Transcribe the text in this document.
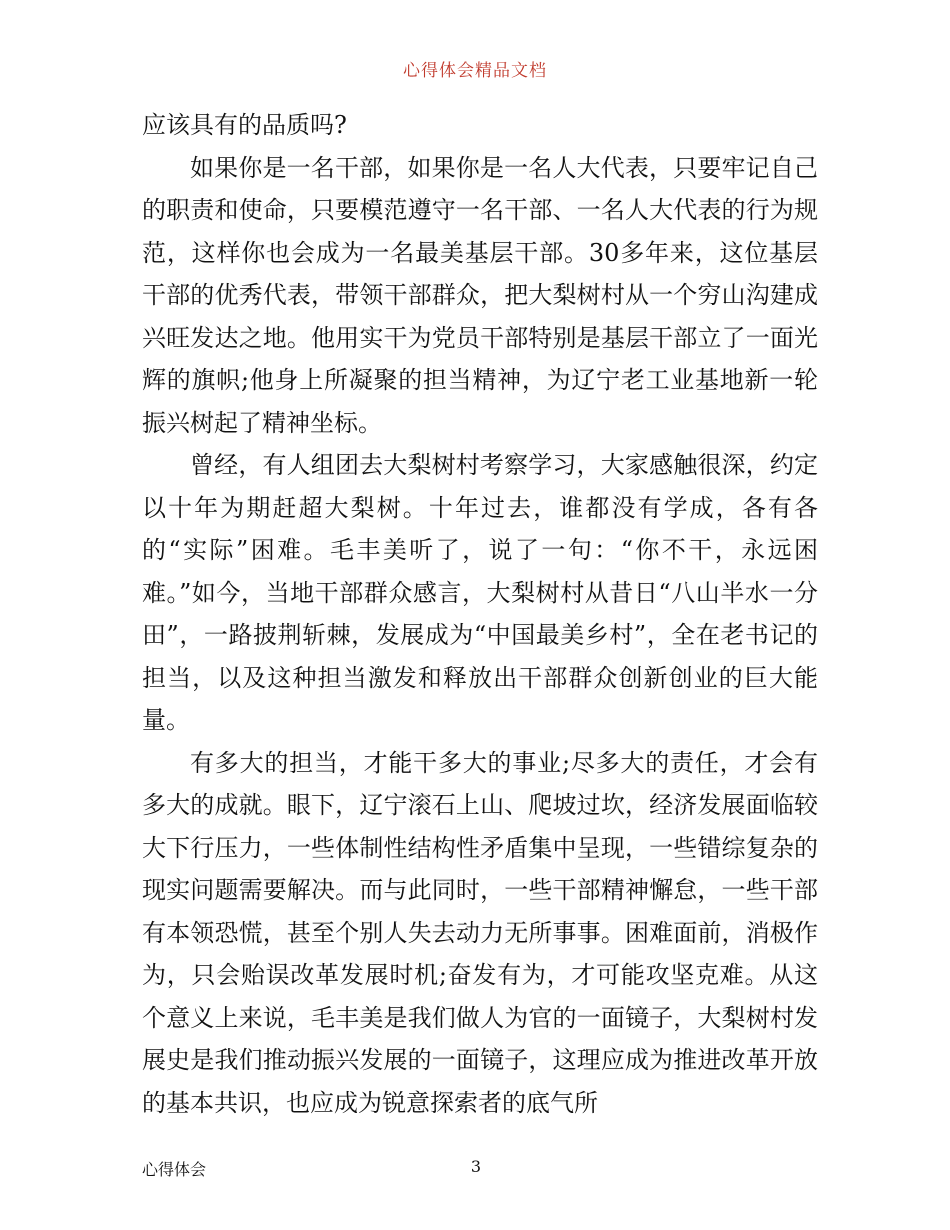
心得体会精品文档

应该具有的品质吗?

如果你是一名干部，如果你是一名人大代表，只要牢记自己的职责和使命，只要模范遵守一名干部、一名人大代表的行为规范，这样你也会成为一名最美基层干部。30多年来，这位基层干部的优秀代表，带领干部群众，把大梨树村从一个穷山沟建成兴旺发达之地。他用实干为党员干部特别是基层干部立了一面光辉的旗帜;他身上所凝聚的担当精神，为辽宁老工业基地新一轮振兴树起了精神坐标。

曾经，有人组团去大梨树村考察学习，大家感触很深，约定以十年为期赶超大梨树。十年过去，谁都没有学成，各有各的“实际”困难。毛丰美听了，说了一句：“你不干，永远困难。”如今，当地干部群众感言，大梨树村从昔日“八山半水一分田”，一路披荆斩棘，发展成为“中国最美乡村”，全在老书记的担当，以及这种担当激发和释放出干部群众创新创业的巨大能量。

有多大的担当，才能干多大的事业;尽多大的责任，才会有多大的成就。眼下，辽宁滚石上山、爬坡过坎，经济发展面临较大下行压力，一些体制性结构性矛盾集中呈现，一些错综复杂的现实问题需要解决。而与此同时，一些干部精神懈怠，一些干部有本领恐慌，甚至个别人失去动力无所事事。困难面前，消极作为，只会贻误改革发展时机;奋发有为，才可能攻坚克难。从这个意义上来说，毛丰美是我们做人为官的一面镜子，大梨树村发展史是我们推动振兴发展的一面镜子，这理应成为推进改革开放的基本共识，也应成为锐意探索者的底气所

心得体会	3
